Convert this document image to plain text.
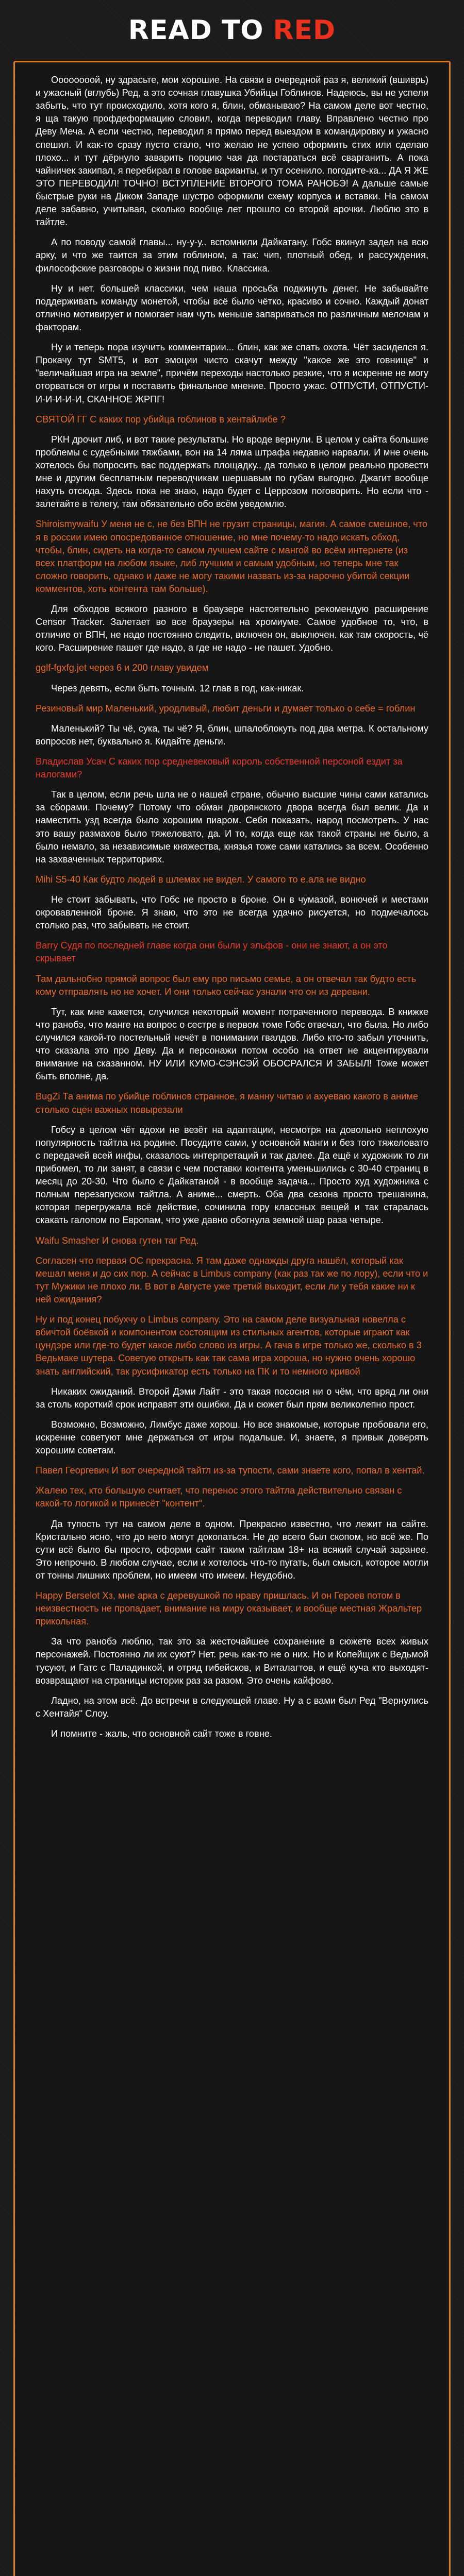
READ TO RED

Оооооооой, ну здрасьте, мои хорошие. На связи в очередной раз я, великий (вшиврь) и ужасный (вглубь) Ред, а это сочная главушка Убийцы Гоблинов. Надеюсь, вы не успели забыть, что тут происходило, хотя кого я, блин, обманываю? На самом деле вот честно, я ща такую профдеформацию словил, когда переводил главу. Вправлено честно про Деву Меча. А если честно, переводил я прямо перед выездом в командировку и ужасно спешил. И как-то сразу пусто стало, что желаю не успею оформить стих или сделаю плохо... и тут дёрнуло заварить порцию чая да постараться всё сварганить. А пока чайничек закипал, я перебирал в голове варианты, и тут осенило. погодите-ка... ДА Я ЖЕ ЭТО ПЕРЕВОДИЛ! ТОЧНО! ВСТУПЛЕНИЕ ВТОРОГО ТОМА РАНОБЭ! А дальше самые быстрые руки на Диком Западе шустро оформили схему корпуса и вставки. На самом деле забавно, учитывая, сколько вообще лет прошло со второй арочки. Люблю это в тайтле.

А по поводу самой главы... ну-у-у.. вспомнили Дайкатану. Гобс вкинул задел на всю арку, и что же таится за этим гоблином, а так: чип, плотный обед, и рассуждения, философские разговоры о жизни под пиво. Классика.

Ну и нет. большей классики, чем наша просьба подкинуть денег. Не забывайте поддерживать команду монетой, чтобы всё было чётко, красиво и сочно. Каждый донат отлично мотивирует и помогает нам чуть меньше запариваться по различным мелочам и факторам.

Ну и теперь пора изучить комментарии... блин, как же спать охота. Чёт засиделся я. Прокачу тут SMT5, и вот эмоции чисто скачут между "какое же это говнище" и "величайшая игра на земле", причём переходы настолько резкие, что я искренне не могу оторваться от игры и поставить финальное мнение. Просто ужас. ОТПУСТИ, ОТПУСТИ-И-И-И-И-И, СКАННОЕ ЖРПГ!

СВЯТОЙ ГГ С каких пор убийца гоблинов в хентайлибе ?

РКН дрочит либ, и вот такие результаты. Но вроде вернули. В целом у сайта большие проблемы с судебными тяжбами, вон на 14 ляма штрафа недавно нарвали. И мне очень хотелось бы попросить вас поддержать площадку.. да только в целом реально провести мне и другим бесплатным переводчикам шершавым по губам выгодно. Джагит вообще нахуть отсюда. Здесь пока не знаю, надо будет с Церрозом поговорить. Но если что - залетайте в телегу, там обязательно обо всём уведомлю.

Shiroismywaifu У меня не с, не без ВПН не грузит страницы, магия. А самое смешное, что я в россии имею опосредованное отношение, но мне почему-то надо искать обход, чтобы, блин, сидеть на когда-то самом лучшем сайте с мангой во всём интернете (из всех платформ на любом языке, либ лучшим и самым удобным, но теперь мне так сложно говорить, однако и даже не могу такими назвать из-за нарочно убитой секции комментов, хоть контента там больше).

Для обходов всякого разного в браузере настоятельно рекомендую расширение Censor Tracker. Залетает во все браузеры на хромиуме. Самое удобное то, что, в отличие от ВПН, не надо постоянно следить, включен он, выключен. как там скорость, чё кого. Расширение пашет где надо, а где не надо - не пашет. Удобно.

gglf-fgxfg.jet через 6 и 200 главу увидем

Через девять, если быть точным. 12 глав в год, как-никак.

Резиновый мир Маленький, уродливый, любит деньги и думает только о себе = гоблин

Маленький? Ты чё, сука, ты чё? Я, блин, шпалоблокуть под два метра. К остальному вопросов нет, буквально я. Кидайте деньги.

Владислав Усач С каких пор средневековый король собственной персоной ездит за налогами?

Так в целом, если речь шла не о нашей стране, обычно высшие чины сами катались за сборами. Почему? Потому что обман дворянского двора всегда был велик. Да и наместить узд всегда было хорошим пиаром. Себя показать, народ посмотреть. У нас это вашу размахов было тяжеловато, да. И то, когда еще как такой страны не было, а было немало, за независимые княжества, князья тоже сами катались за всем. Особенно на захваченных территориях.

Mihi S5-40 Как будто людей в шлемах не видел. У самого то е.ала не видно

Не стоит забывать, что Гобс не просто в броне. Он в чумазой, вонючей и местами окровавленной броне. Я знаю, что это не всегда удачно рисуется, но подмечалось столько раз, что забывать не стоит.

Barry Судя по последней главе когда они были у эльфов - они не знают, а он это скрывает

Там дальнобно прямой вопрос был ему про письмо семье, а он отвечал так будто есть кому отправлять но не хочет. И они только сейчас узнали что он из деревни.

Тут, как мне кажется, случился некоторый момент потраченного перевода. В книжке что ранобэ, что манге на вопрос о сестре в первом томе Гобс отвечал, что была. Но либо случился какой-то постельный нечёт в понимании гвалдов. Либо кто-то забыл уточнить, что сказала это про Деву. Да и персонажи потом особо на ответ не акцентирували внимание на сказанном. НУ ИЛИ КУМО-СЭНСЭЙ ОБОСРАЛСЯ И ЗАБЫЛ! Тоже может быть вполне, да.

BugZi Та анима по убийце гоблинов странное, я манну читаю и ахуеваю какого в аниме столько сцен важных повырезали

Гобсу в целом чёт вдохи не везёт на адаптации, несмотря на довольно неплохую популярность тайтла на родине. Посудите сами, у основной манги и без того тяжеловато с передачей всей инфы, сказалось интерпретаций и так далее. Да ещё и художник то ли прибомел, то ли занят, в связи с чем поставки контента уменьшились с 30-40 страниц в месяц до 20-30. Что было с Дайкатаной - в вообще задача... Просто худ художника с полным перезапуском тайтла. А аниме... смерть. Оба два сезона просто трешанина, которая перегружала всё действие, сочинила гору классных вещей и так старалась скакать галопом по Европам, что уже давно обогнула земной шар раза четыре.

Waifu Smasher И снова гутен таг Ред.

Согласен что первая ОС прекрасна. Я там даже однажды друга нашёл, который как мешал меня и до сих пор. А сейчас в Limbus company (как раз так же по лору), если что и тут Мужики не плохо ли. В вот в Августе уже третий выходит, если ли у тебя какие ни к ней ожидания?

Ну и под конец побухчу о Limbus company. Это на самом деле визуальная новелла с вбичтой боёвкой и компонентом состоящим из стильных агентов, которые играют как цундэре или где-то будет какое либо слово из игры. А гача в игре только же, сколько в 3 Ведьмаке шутера. Советую открыть как так сама игра хороша, но нужно очень хорошо знать английский, так русификатор есть только на ПК и то немного кривой

Никаких ожиданий. Второй Дэми Лайт - это такая пососня ни о чём, что вряд ли они за столь короткий срок исправят эти ошибки. Да и сюжет был прям великолепно прост.

Возможно, Возможно, Лимбус даже хорош. Но все знакомые, которые пробовали его, искренне советуют мне держаться от игры подальше. И, знаете, я привык доверять хорошим советам.

Павел Георгевич И вот очередной тайтл из-за тупости, сами знаете кого, попал в хентай.

Жалею тех, кто большую считает, что перенос этого тайтла действительно связан с какой-то логикой и принесёт "контент".

Да тупость тут на самом деле в одном. Прекрасно известно, что лежит на сайте. Кристально ясно, что до него могут докопаться. Не до всего был скопом, но всё же. По сути всё было бы просто, оформи сайт таким тайтлам 18+ на всякий случай заранее. Это непрочно. В любом случае, если и хотелось что-то пугать, был смысл, которое могли от тонны лишних проблем, но имеем что имеем. Неудобно.

Happy Berselot Хз, мне арка с деревушкой по нраву пришлась. И он Героев потом в неизвестность не пропадает, внимание на миру оказывает, и вообще местная Жральтер прикольная.

За что ранобэ люблю, так это за жесточайшее сохранение в сюжете всех живых персонажей. Постоянно ли их суют? Нет. речь как-то не о них. Но и Копейщик с Ведьмой тусуют, и Гатс с Паладинкой, и отряд гибейсков, и Виталагтов, и ещё куча кто выходят-возвращают на страницы историк раз за разом. Это очень кайфово.

Ладно, на этом всё. До встречи в следующей главе. Ну а с вами был Ред "Вернулись с Хентайя" Слоу.

И помните - жаль, что основной сайт тоже в говне.
